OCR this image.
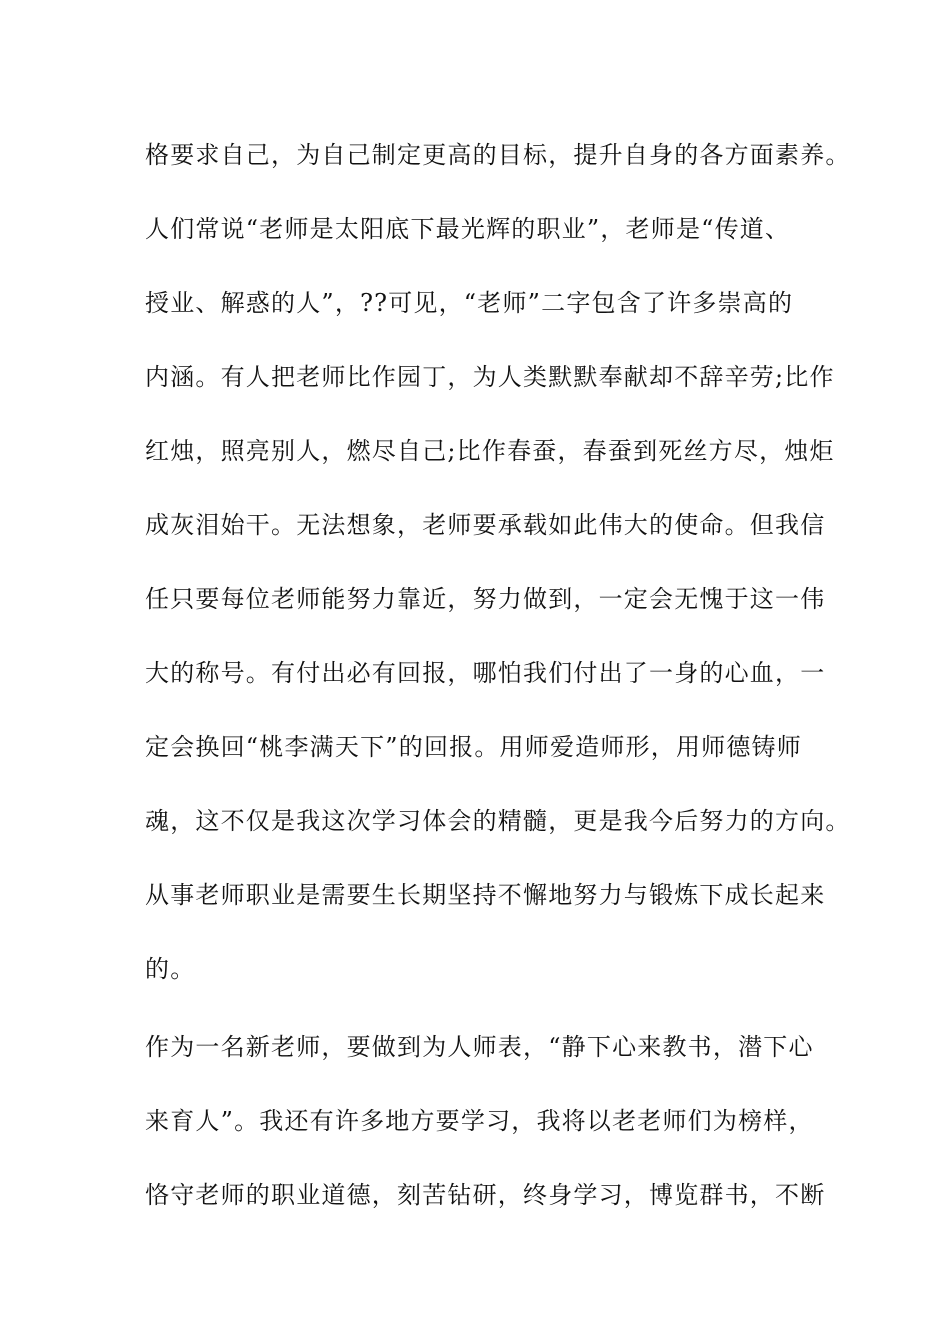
格要求自己，为自己制定更高的目标，提升自身的各方面素养。

人们常说“老师是太阳底下最光辉的职业”，老师是“传道、

授业、解惑的人”，??可见，“老师”二字包含了许多崇高的

内涵。有人把老师比作园丁，为人类默默奉献却不辞辛劳;比作

红烛，照亮别人，燃尽自己;比作春蚕，春蚕到死丝方尽，烛炬

成灰泪始干。无法想象，老师要承载如此伟大的使命。但我信

任只要每位老师能努力靠近，努力做到，一定会无愧于这一伟

大的称号。有付出必有回报，哪怕我们付出了一身的心血，一

定会换回“桃李满天下”的回报。用师爱造师形，用师德铸师

魂，这不仅是我这次学习体会的精髓，更是我今后努力的方向。

从事老师职业是需要生长期坚持不懈地努力与锻炼下成长起来

的。

作为一名新老师，要做到为人师表，“静下心来教书，潜下心

来育人”。我还有许多地方要学习，我将以老老师们为榜样，

恪守老师的职业道德，刻苦钻研，终身学习，博览群书，不断
